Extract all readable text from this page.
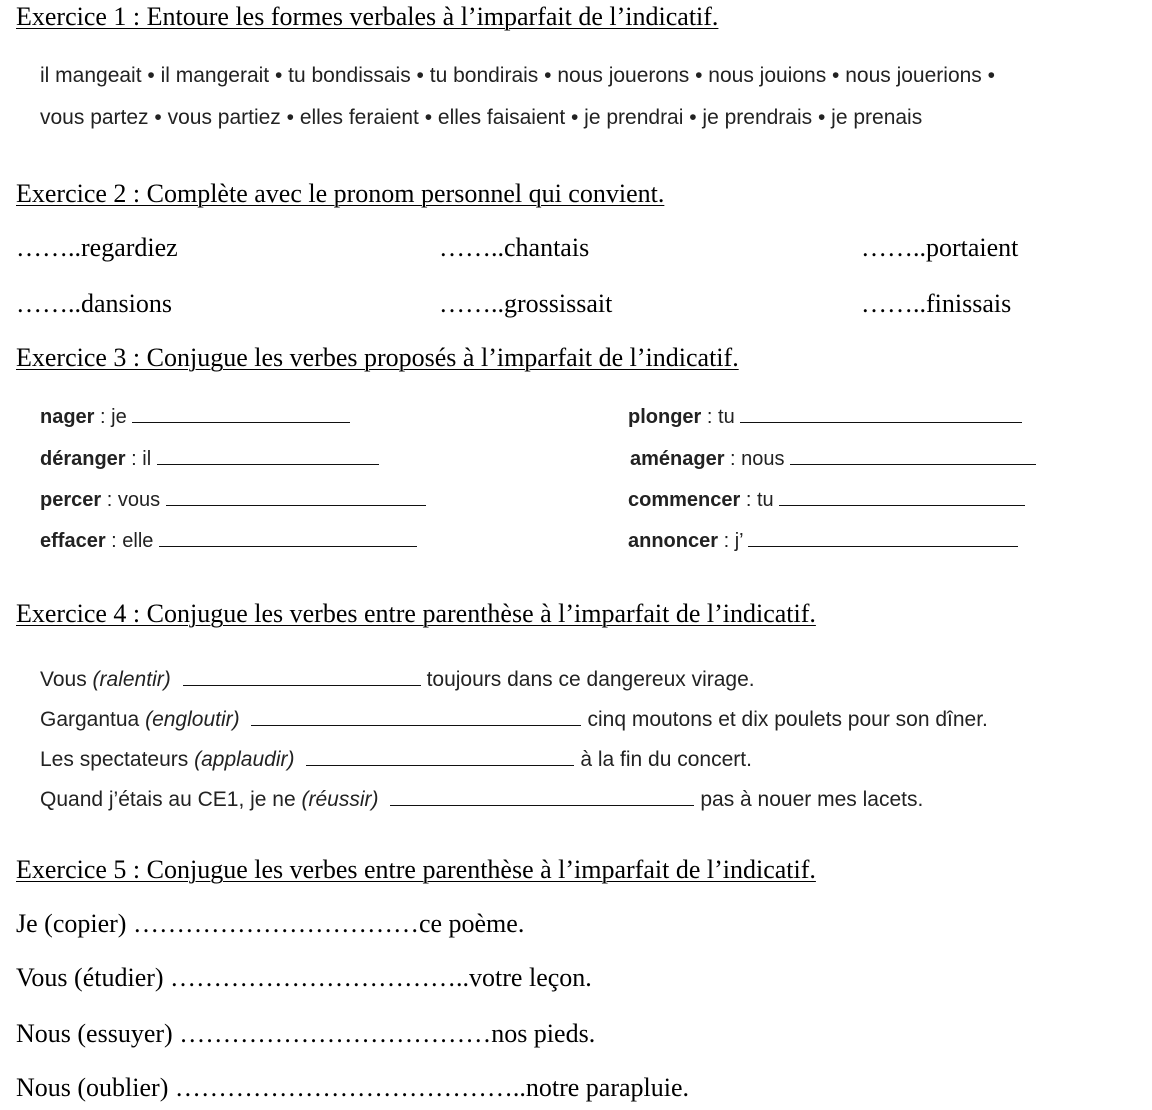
Exercice 1 : Entoure les formes verbales à l’imparfait de l’indicatif.
il mangeait • il mangerait • tu bondissais • tu bondirais • nous jouerons • nous jouions • nous jouerions •
vous partez • vous partiez • elles feraient • elles faisaient • je prendrai • je prendrais • je prenais
Exercice 2 : Complète avec le pronom personnel qui convient.
……..regardiez	……..chantais	……..portaient
……..dansions	……..grossissait	……..finissais
Exercice 3 : Conjugue les verbes proposés à l’imparfait de l’indicatif.
nager : je	plonger : tu
déranger : il	aménager : nous
percer : vous	commencer : tu
effacer : elle	annoncer : j’
Exercice 4 : Conjugue les verbes entre parenthèse à l’imparfait de l’indicatif.
Vous (ralentir)	toujours dans ce dangereux virage.
Gargantua (engloutir)	cinq moutons et dix poulets pour son dîner.
Les spectateurs (applaudir)	à la fin du concert.
Quand j’étais au CE1, je ne (réussir)	pas à nouer mes lacets.
Exercice 5 : Conjugue les verbes entre parenthèse à l’imparfait de l’indicatif.
Je (copier) ……………………………ce poème.
Vous (étudier) ……………………………..votre leçon.
Nous (essuyer) ………………………………nos pieds.
Nous (oublier) …………………………………..notre parapluie.
